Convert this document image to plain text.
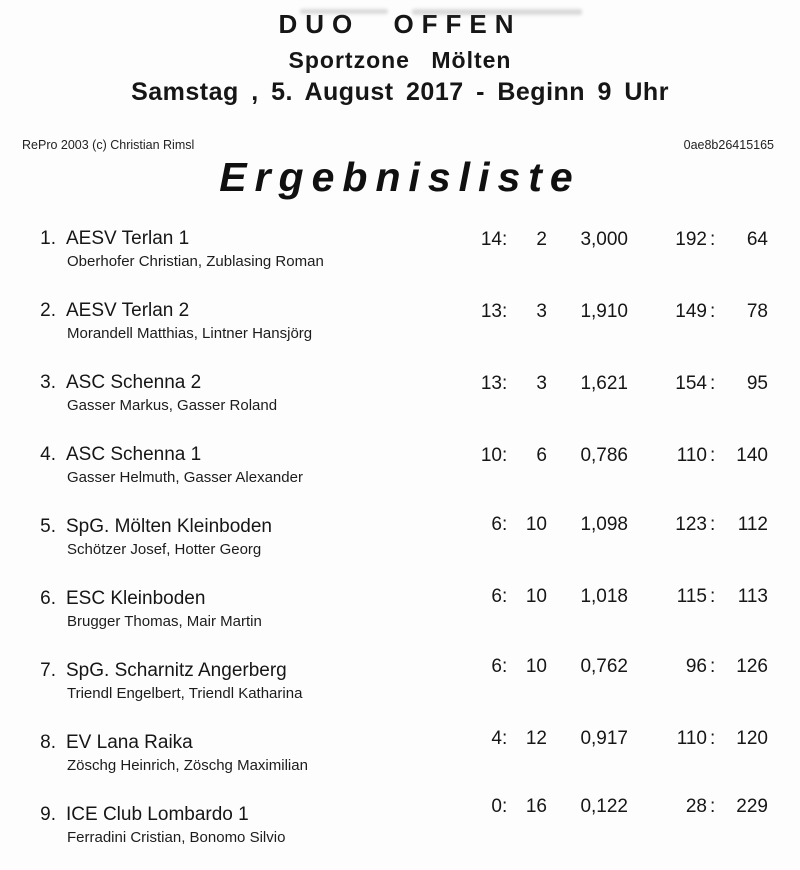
DUO OFFEN
Sportzone Mölten
Samstag , 5. August 2017 - Beginn 9 Uhr
RePro 2003 (c) Christian Rimsl	0ae8b26415165
Ergebnisliste
1. AESV Terlan 1
Oberhofer Christian, Zublasing Roman
14 : 2 3,000 192 : 64
2. AESV Terlan 2
Morandell Matthias, Lintner Hansjörg
13 : 3 1,910 149 : 78
3. ASC Schenna 2
Gasser Markus, Gasser Roland
13 : 3 1,621 154 : 95
4. ASC Schenna 1
Gasser Helmuth, Gasser Alexander
10 : 6 0,786	110 : 140
5. SpG. Mölten Kleinboden
Schötzer Josef, Hotter Georg
6 : 10 1,098 123 : 112
6. ESC Kleinboden
Brugger Thomas, Mair Martin
6 : 10 1,018	115 : 113
7. SpG. Scharnitz Angerberg
Triendl Engelbert, Triendl Katharina
6 : 10 0,762	96 : 126
8. EV Lana Raika
Zöschg Heinrich, Zöschg Maximilian
4 : 12 0,917	110 : 120
9. ICE Club Lombardo 1
Ferradini Cristian, Bonomo Silvio
0 : 16 0,122	28 : 229
